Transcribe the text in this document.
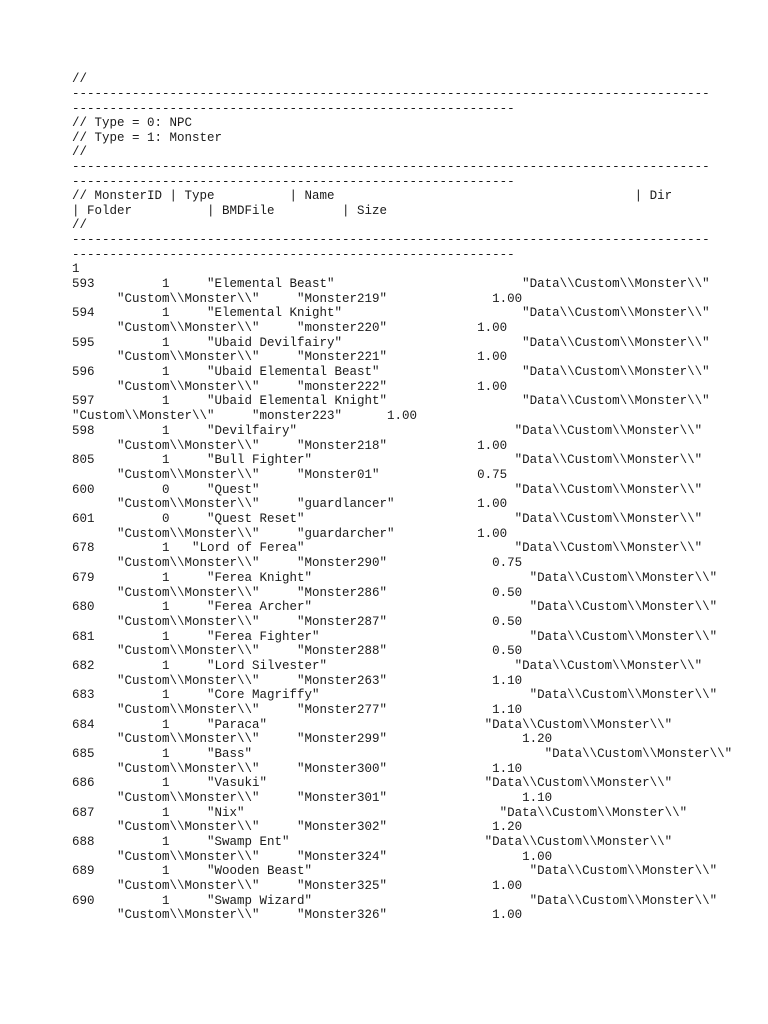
//
-------------------------------------------------------------------------------------
-----------------------------------------------------------
// Type = 0: NPC
// Type = 1: Monster
//
-------------------------------------------------------------------------------------
-----------------------------------------------------------
// MonsterID | Type          | Name                                        | Dir
| Folder          | BMDFile         | Size
//
-------------------------------------------------------------------------------------
-----------------------------------------------------------
1
593         1     "Elemental Beast"                         "Data\\Custom\\Monster\\"
"Custom\\Monster\\"     "Monster219"              1.00
594         1     "Elemental Knight"                        "Data\\Custom\\Monster\\"
"Custom\\Monster\\"     "monster220"            1.00
595         1     "Ubaid Devilfairy"                        "Data\\Custom\\Monster\\"
"Custom\\Monster\\"     "Monster221"            1.00
596         1     "Ubaid Elemental Beast"                   "Data\\Custom\\Monster\\"
"Custom\\Monster\\"     "monster222"            1.00
597         1     "Ubaid Elemental Knight"                  "Data\\Custom\\Monster\\"
"Custom\\Monster\\"     "monster223"      1.00
598         1     "Devilfairy"                             "Data\\Custom\\Monster\\"
"Custom\\Monster\\"     "Monster218"            1.00
805         1     "Bull Fighter"                           "Data\\Custom\\Monster\\"
"Custom\\Monster\\"     "Monster01"             0.75
600         0     "Quest"                                  "Data\\Custom\\Monster\\"
"Custom\\Monster\\"     "guardlancer"           1.00
601         0     "Quest Reset"                            "Data\\Custom\\Monster\\"
"Custom\\Monster\\"     "guardarcher"           1.00
678         1   "Lord of Ferea"                            "Data\\Custom\\Monster\\"
"Custom\\Monster\\"     "Monster290"              0.75
679         1     "Ferea Knight"                             "Data\\Custom\\Monster\\"
"Custom\\Monster\\"     "Monster286"              0.50
680         1     "Ferea Archer"                             "Data\\Custom\\Monster\\"
"Custom\\Monster\\"     "Monster287"              0.50
681         1     "Ferea Fighter"                            "Data\\Custom\\Monster\\"
"Custom\\Monster\\"     "Monster288"              0.50
682         1     "Lord Silvester"                         "Data\\Custom\\Monster\\"
"Custom\\Monster\\"     "Monster263"              1.10
683         1     "Core Magriffy"                            "Data\\Custom\\Monster\\"
"Custom\\Monster\\"     "Monster277"              1.10
684         1     "Paraca"                             "Data\\Custom\\Monster\\"
"Custom\\Monster\\"     "Monster299"                  1.20
685         1     "Bass"                                       "Data\\Custom\\Monster\\"
"Custom\\Monster\\"     "Monster300"              1.10
686         1     "Vasuki"                             "Data\\Custom\\Monster\\"
"Custom\\Monster\\"     "Monster301"                  1.10
687         1     "Nix"                                  "Data\\Custom\\Monster\\"
"Custom\\Monster\\"     "Monster302"              1.20
688         1     "Swamp Ent"                          "Data\\Custom\\Monster\\"
"Custom\\Monster\\"     "Monster324"                  1.00
689         1     "Wooden Beast"                             "Data\\Custom\\Monster\\"
"Custom\\Monster\\"     "Monster325"              1.00
690         1     "Swamp Wizard"                             "Data\\Custom\\Monster\\"
"Custom\\Monster\\"     "Monster326"              1.00
